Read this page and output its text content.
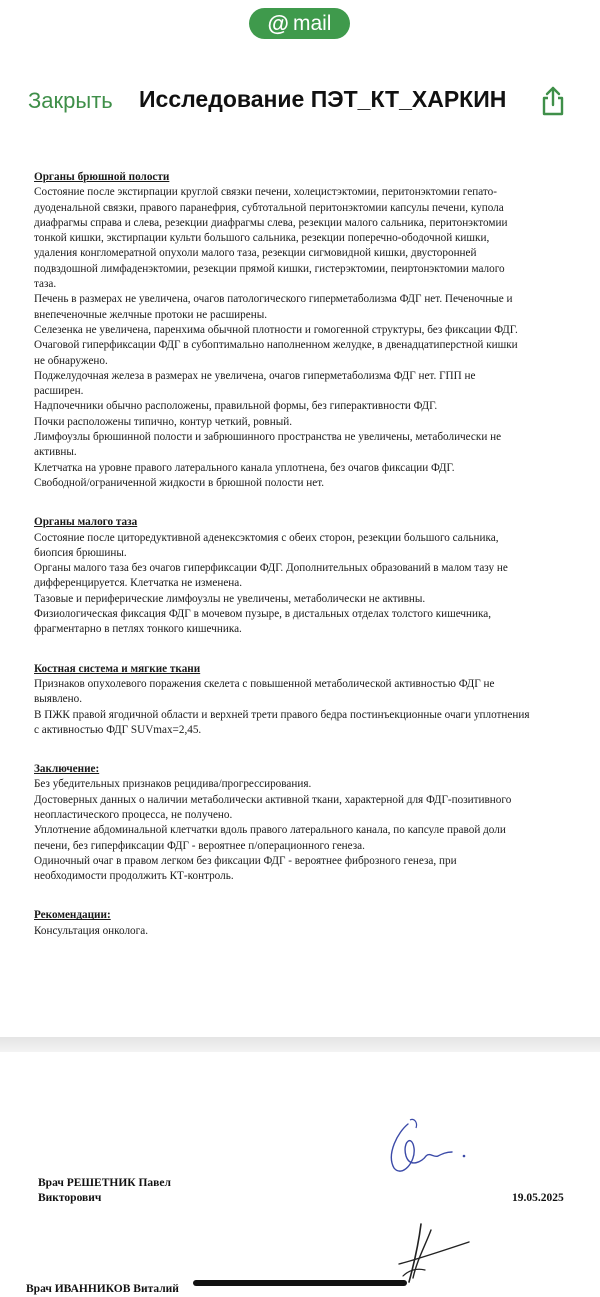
@ mail
Закрыть Исследование ПЭТ_КТ_ХАРКИН
Органы брюшной полости
Состояние после экстирпации круглой связки печени, холецистэктомии, перитонэктомии гепато-
дуоденальной связки, правого паранефрия, субтотальной перитонэктомии капсулы печени, купола
диафрагмы справа и слева, резекции диафрагмы слева, резекции малого сальника, перитонэктомии
тонкой кишки, экстирпации культи большого сальника, резекции поперечно-ободочной кишки,
удаления конгломератной опухоли малого таза, резекции сигмовидной кишки, двусторонней
подвздошной лимфаденэктомии, резекции прямой кишки, гистерэктомии, пеиртонэктомии малого
таза.
Печень в размерах не увеличена, очагов патологического гиперметаболизма ФДГ нет. Печеночные и
внепеченочные желчные протоки не расширены.
Селезенка не увеличена, паренхима обычной плотности и гомогенной структуры, без фиксации ФДГ.
Очаговой гиперфиксации ФДГ в субоптимально наполненном желудке, в двенадцатиперстной кишки
не обнаружено.
Поджелудочная железа в размерах не увеличена, очагов гиперметаболизма ФДГ нет. ГПП не
расширен.
Надпочечники обычно расположены, правильной формы, без гиперактивности ФДГ.
Почки расположены типично, контур четкий, ровный.
Лимфоузлы брюшинной полости и забрюшинного пространства не увеличены, метаболически не
активны.
Клетчатка на уровне правого латерального канала уплотнена, без очагов фиксации ФДГ.
Свободной/ограниченной жидкости в брюшной полости нет.
Органы малого таза
Состояние после циторедуктивной аденексэктомия с обеих сторон, резекции большого сальника,
биопсия брюшины.
Органы малого таза без очагов гиперфиксации ФДГ. Дополнительных образований в малом тазу не
дифференцируется. Клетчатка не изменена.
Тазовые и периферические лимфоузлы не увеличены, метаболически не активны.
Физиологическая фиксация ФДГ в мочевом пузыре, в дистальных отделах толстого кишечника,
фрагментарно в петлях тонкого кишечника.
Костная система и мягкие ткани
Признаков опухолевого поражения скелета с повышенной метаболической активностью ФДГ не
выявлено.
В ПЖК правой ягодичной области и верхней трети правого бедра постинъекционные очаги уплотнения
с активностью ФДГ SUVmax=2,45.
Заключение:
Без убедительных признаков рецидива/прогрессирования.
Достоверных данных о наличии метаболически активной ткани, характерной для ФДГ-позитивного
неопластического процесса, не получено.
Уплотнение абдоминальной клетчатки вдоль правого латерального канала, по капсуле правой доли
печени, без гиперфиксации ФДГ - вероятнее п/операционного генеза.
Одиночный очаг в правом легком без фиксации ФДГ - вероятнее фиброзного генеза, при
необходимости продолжить КТ-контроль.
Рекомендации:
Консультация онколога.
Врач РЕШЕТНИК Павел
Викторович	19.05.2025
Врач ИВАННИКОВ Виталий
